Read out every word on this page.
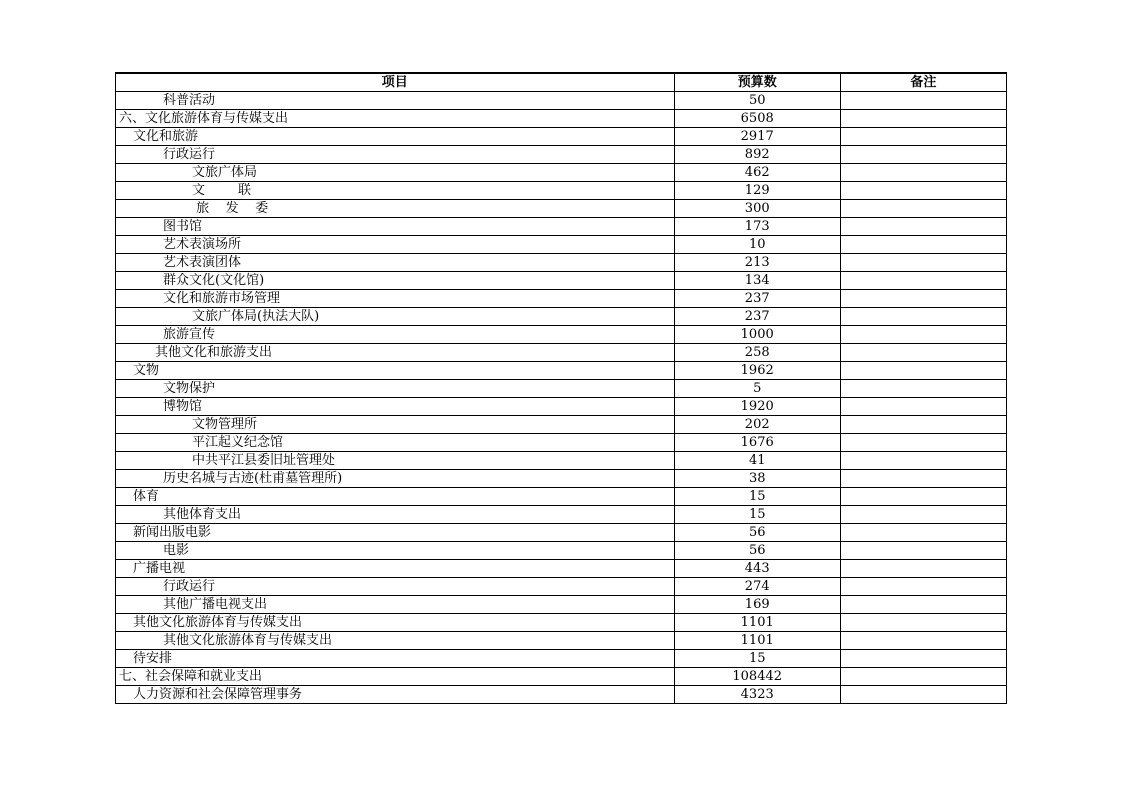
项目	预算数	备注
科普活动	50	
六、文化旅游体育与传媒支出	6508	
文化和旅游	2917	
行政运行	892	
文旅广体局	462	
文        联	129	
旅    发    委	300	
图书馆	173	
艺术表演场所	10	
艺术表演团体	213	
群众文化(文化馆)	134	
文化和旅游市场管理	237	
文旅广体局(执法大队)	237	
旅游宣传	1000	
其他文化和旅游支出	258	
文物	1962	
文物保护	5	
博物馆	1920	
文物管理所	202	
平江起义纪念馆	1676	
中共平江县委旧址管理处	41	
历史名城与古迹(杜甫墓管理所)	38	
体育	15	
其他体育支出	15	
新闻出版电影	56	
电影	56	
广播电视	443	
行政运行	274	
其他广播电视支出	169	
其他文化旅游体育与传媒支出	1101	
其他文化旅游体育与传媒支出	1101	
待安排	15	
七、社会保障和就业支出	108442	
人力资源和社会保障管理事务	4323	
